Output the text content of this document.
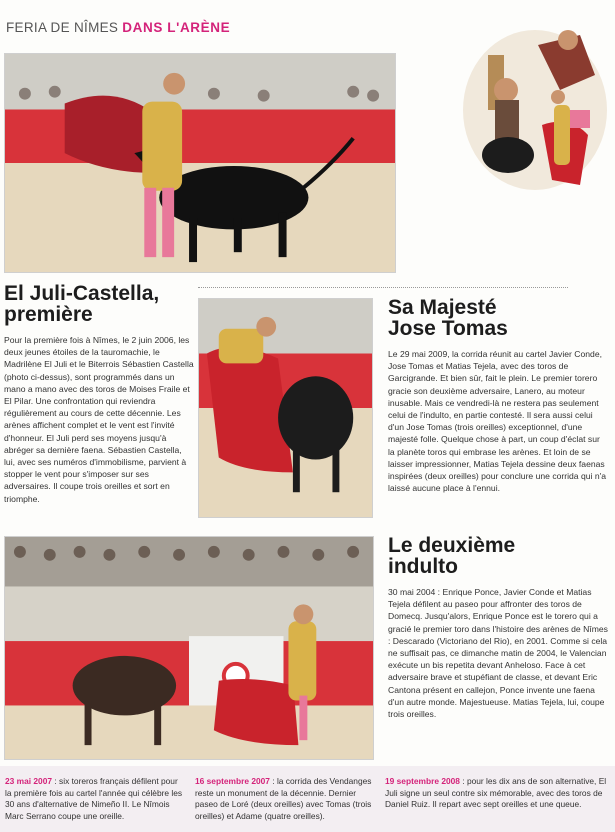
FERIA DE NÎMES DANS L'ARÈNE
El Juli-Castella,
première
Pour la première fois à Nîmes, le 2 juin 2006, les deux jeunes étoiles de la tauromachie, le Madrilène El Juli et le Biterrois Sébastien Castella (photo ci-dessus), sont programmés dans un mano a mano avec des toros de Moises Fraile et El Pilar. Une confrontation qui reviendra régulièrement au cours de cette décennie. Les arènes affichent complet et le vent est l'invité d'honneur. El Juli perd ses moyens jusqu'à abréger sa dernière faena. Sébastien Castella, lui, avec ses numéros d'immobilisme, parvient à stopper le vent pour s'imposer sur ses adversaires. Il coupe trois oreilles et sort en triomphe.
Sa Majesté
Jose Tomas
Le 29 mai 2009, la corrida réunit au cartel Javier Conde, Jose Tomas et Matias Tejela, avec des toros de Garcigrande. Et bien sûr, fait le plein. Le premier torero gracie son deuxième adversaire, Lanero, au moteur inusable. Mais ce vendredi-là ne restera pas seulement celui de l'indulto, en partie contesté. Il sera aussi celui d'un Jose Tomas (trois oreilles) exceptionnel, d'une majesté folle. Quelque chose à part, un coup d'éclat sur la planète toros qui embrase les arènes. Et loin de se laisser impressionner, Matias Tejela dessine deux faenas inspirées (deux oreilles) pour conclure une corrida qui n'a laissé aucune place à l'ennui.
Le deuxième
indulto
30 mai 2004 : Enrique Ponce, Javier Conde et Matias Tejela défilent au paseo pour affronter des toros de Domecq. Jusqu'alors, Enrique Ponce est le torero qui a gracié le premier toro dans l'histoire des arènes de Nîmes : Descarado (Victoriano del Rio), en 2001. Comme si cela ne suffisait pas, ce dimanche matin de 2004, le Valencian exécute un bis repetita devant Anheloso. Face à cet adversaire brave et stupéfiant de classe, et devant Eric Cantona présent en callejon, Ponce invente une faena d'un autre monde. Majestueuse. Matias Tejela, lui, coupe trois oreilles.
23 mai 2007 : six toreros français défilent pour la première fois au cartel l'année qui célèbre les 30 ans d'alternative de Nimeño II. Le Nîmois Marc Serrano coupe une oreille.
16 septembre 2007 : la corrida des Vendanges reste un monument de la décennie. Dernier paseo de Loré (deux oreilles) avec Tomas (trois oreilles) et Adame (quatre oreilles).
19 septembre 2008 : pour les dix ans de son alternative, El Juli signe un seul contre six mémorable, avec des toros de Daniel Ruiz. Il repart avec sept oreilles et une queue.
